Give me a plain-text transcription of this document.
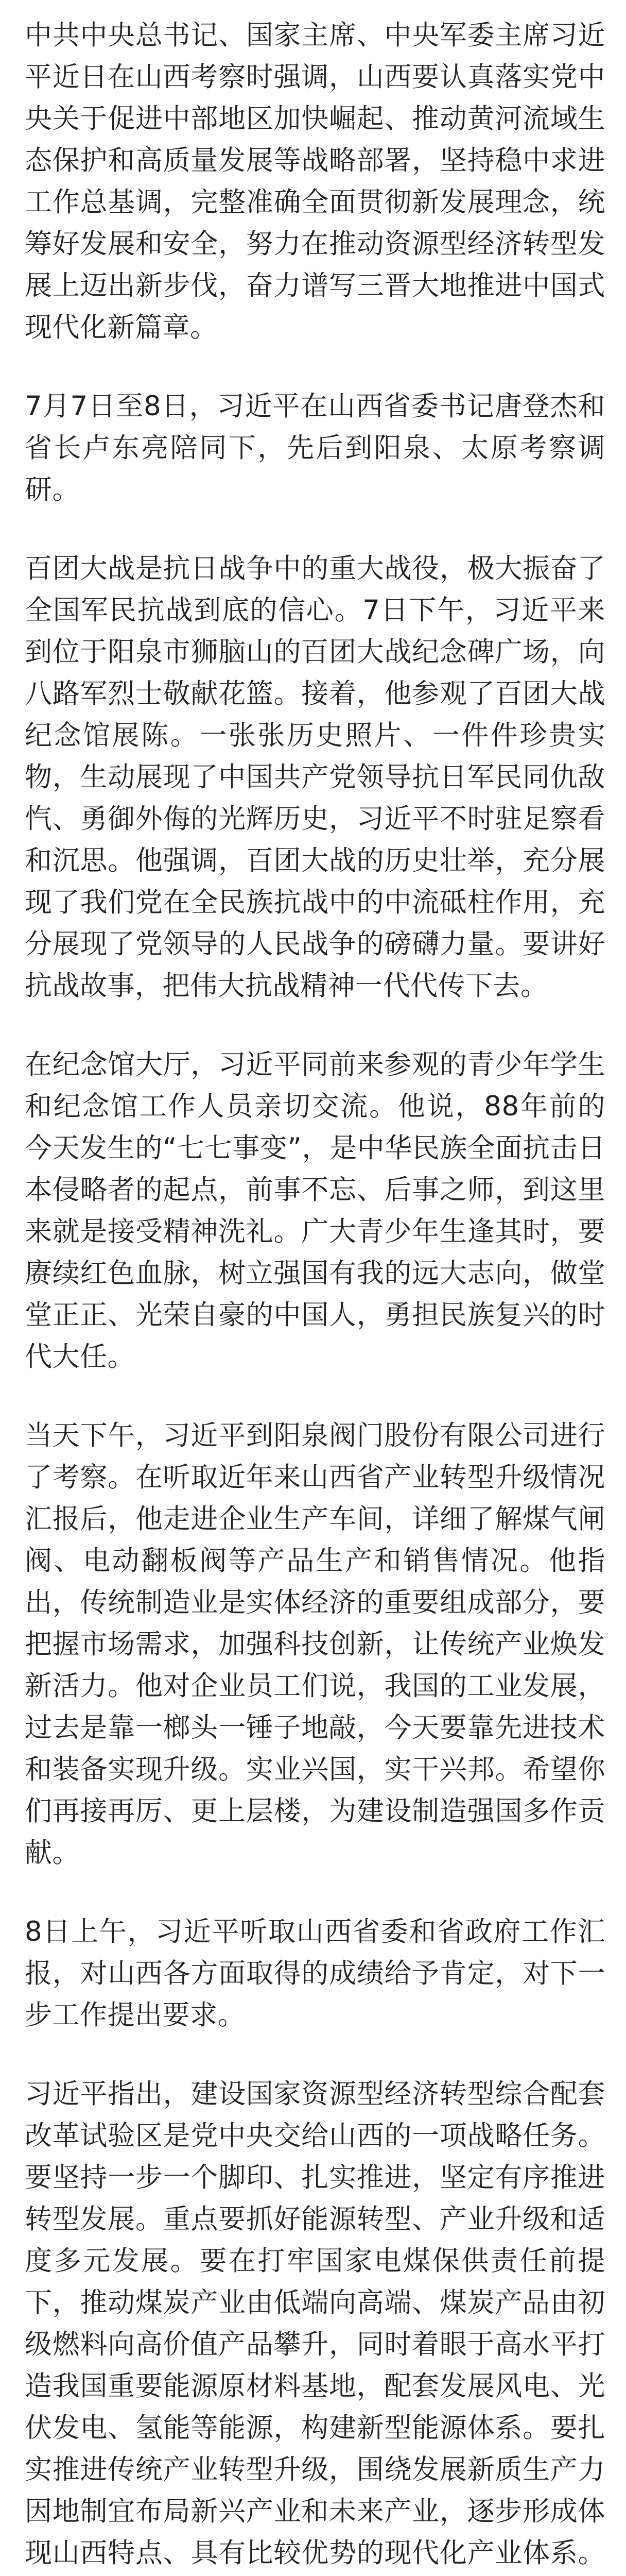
中共中央总书记、国家主席、中央军委主席习近平近日在山西考察时强调，山西要认真落实党中央关于促进中部地区加快崛起、推动黄河流域生态保护和高质量发展等战略部署，坚持稳中求进工作总基调，完整准确全面贯彻新发展理念，统筹好发展和安全，努力在推动资源型经济转型发展上迈出新步伐，奋力谱写三晋大地推进中国式现代化新篇章。

7月7日至8日，习近平在山西省委书记唐登杰和省长卢东亮陪同下，先后到阳泉、太原考察调研。

百团大战是抗日战争中的重大战役，极大振奋了全国军民抗战到底的信心。7日下午，习近平来到位于阳泉市狮脑山的百团大战纪念碑广场，向八路军烈士敬献花篮。接着，他参观了百团大战纪念馆展陈。一张张历史照片、一件件珍贵实物，生动展现了中国共产党领导抗日军民同仇敌忾、勇御外侮的光辉历史，习近平不时驻足察看和沉思。他强调，百团大战的历史壮举，充分展现了我们党在全民族抗战中的中流砥柱作用，充分展现了党领导的人民战争的磅礴力量。要讲好抗战故事，把伟大抗战精神一代代传下去。

在纪念馆大厅，习近平同前来参观的青少年学生和纪念馆工作人员亲切交流。他说，88年前的今天发生的“七七事变”，是中华民族全面抗击日本侵略者的起点，前事不忘、后事之师，到这里来就是接受精神洗礼。广大青少年生逢其时，要赓续红色血脉，树立强国有我的远大志向，做堂堂正正、光荣自豪的中国人，勇担民族复兴的时代大任。

当天下午，习近平到阳泉阀门股份有限公司进行了考察。在听取近年来山西省产业转型升级情况汇报后，他走进企业生产车间，详细了解煤气闸阀、电动翻板阀等产品生产和销售情况。他指出，传统制造业是实体经济的重要组成部分，要把握市场需求，加强科技创新，让传统产业焕发新活力。他对企业员工们说，我国的工业发展，过去是靠一榔头一锤子地敲，今天要靠先进技术和装备实现升级。实业兴国，实干兴邦。希望你们再接再厉、更上层楼，为建设制造强国多作贡献。

8日上午，习近平听取山西省委和省政府工作汇报，对山西各方面取得的成绩给予肯定，对下一步工作提出要求。

习近平指出，建设国家资源型经济转型综合配套改革试验区是党中央交给山西的一项战略任务。要坚持一步一个脚印、扎实推进，坚定有序推进转型发展。重点要抓好能源转型、产业升级和适度多元发展。要在打牢国家电煤保供责任前提下，推动煤炭产业由低端向高端、煤炭产品由初级燃料向高价值产品攀升，同时着眼于高水平打造我国重要能源原材料基地，配套发展风电、光伏发电、氢能等能源，构建新型能源体系。要扎实推进传统产业转型升级，围绕发展新质生产力因地制宜布局新兴产业和未来产业，逐步形成体现山西特点、具有比较优势的现代化产业体系。
